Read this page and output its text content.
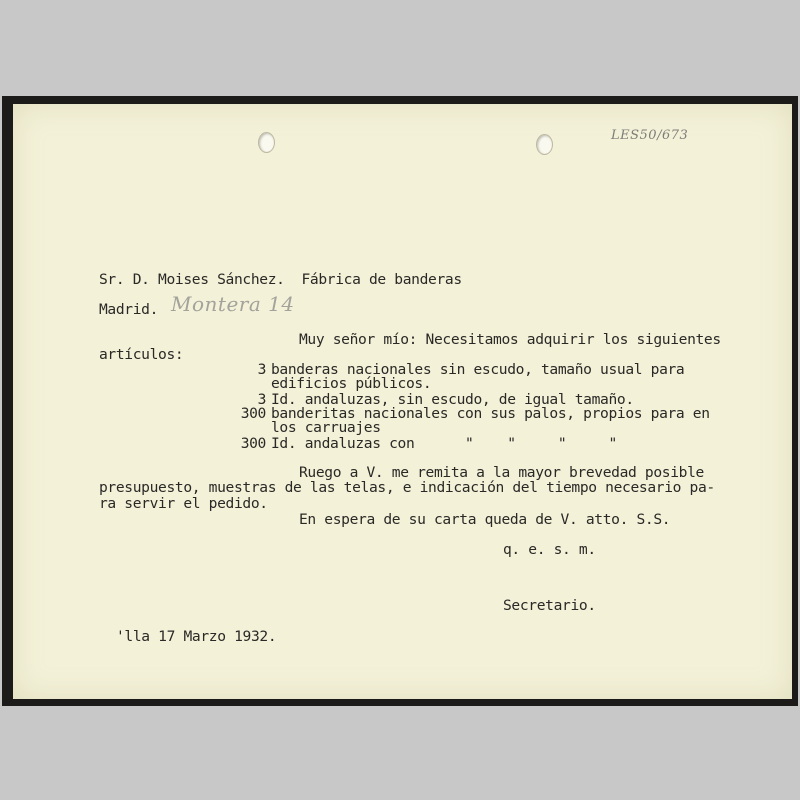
LES50/673
Sr. D. Moises Sánchez.  Fábrica de banderas
Madrid. Montera 14
Muy señor mío: Necesitamos adquirir los siguientes
artículos:
3 banderas nacionales sin escudo, tamaño usual para
edificios públicos.
3 Id. andaluzas, sin escudo, de igual tamaño.
300 banderitas nacionales con sus palos, propios para en
los carruajes
300 Id. andaluzas con      "    "     "     "
Ruego a V. me remita a la mayor brevedad posible
presupuesto, muestras de las telas, e indicación del tiempo necesario pa-
ra servir el pedido.
En espera de su carta queda de V. atto. S.S.
q. e. s. m.
Secretario.
'lla 17 Marzo 1932.
